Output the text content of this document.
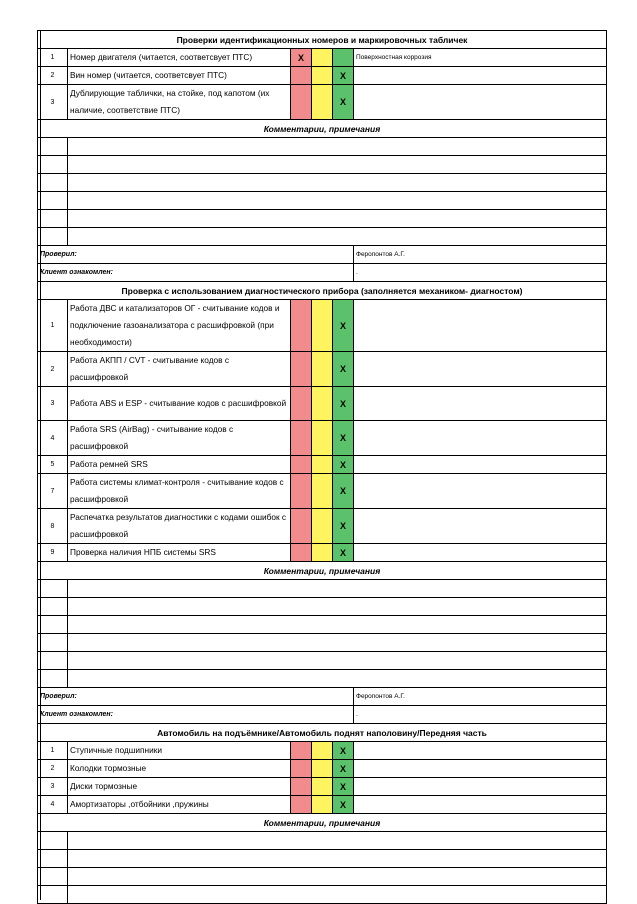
Проверки идентификационных номеров и маркировочных табличек					
1	Номер двигателя (читается, соответсвует ПТС)	X			Поверхностная коррозия
2	Вин номер (читается, соответсвует ПТС)			X	
3	Дублирующие таблички, на стойке, под капотом (их наличие, соответствие ПТС)			X	
Комментарии, примечания					

Проверил:					Феропонтов А.Г.
Клиент ознакомлен:					.
Проверка с использованием диагностического прибора (заполняется механиком- диагностом)					
1	Работа ДВС и катализаторов ОГ - считывание кодов и подключение газоанализатора с расшифровкой (при необходимости)			X	
2	Работа АКПП / CVT - считывание кодов с расшифровкой			X	
3	Работа ABS и ESP - считывание кодов с расшифровкой			X	
4	Работа SRS (AirBag) - считывание кодов с расшифровкой			X	
5	Работа ремней SRS			X	
7	Работа системы климат-контроля - считывание кодов с расшифровкой			X	
8	Распечатка результатов диагностики с кодами ошибок с расшифровкой			X	
9	Проверка наличия НПБ системы SRS			X	
Комментарии, примечания					

Проверил:					Феропонтов А.Г.
Клиент ознакомлен:					.
Автомобиль на подъёмнике/Автомобиль поднят наполовину/Передняя часть					
1	Ступичные подшипники			X	
2	Колодки тормозные			X	
3	Диски тормозные			X	
4	Амортизаторы ,отбойники ,пружины			X	
Комментарии, примечания					
